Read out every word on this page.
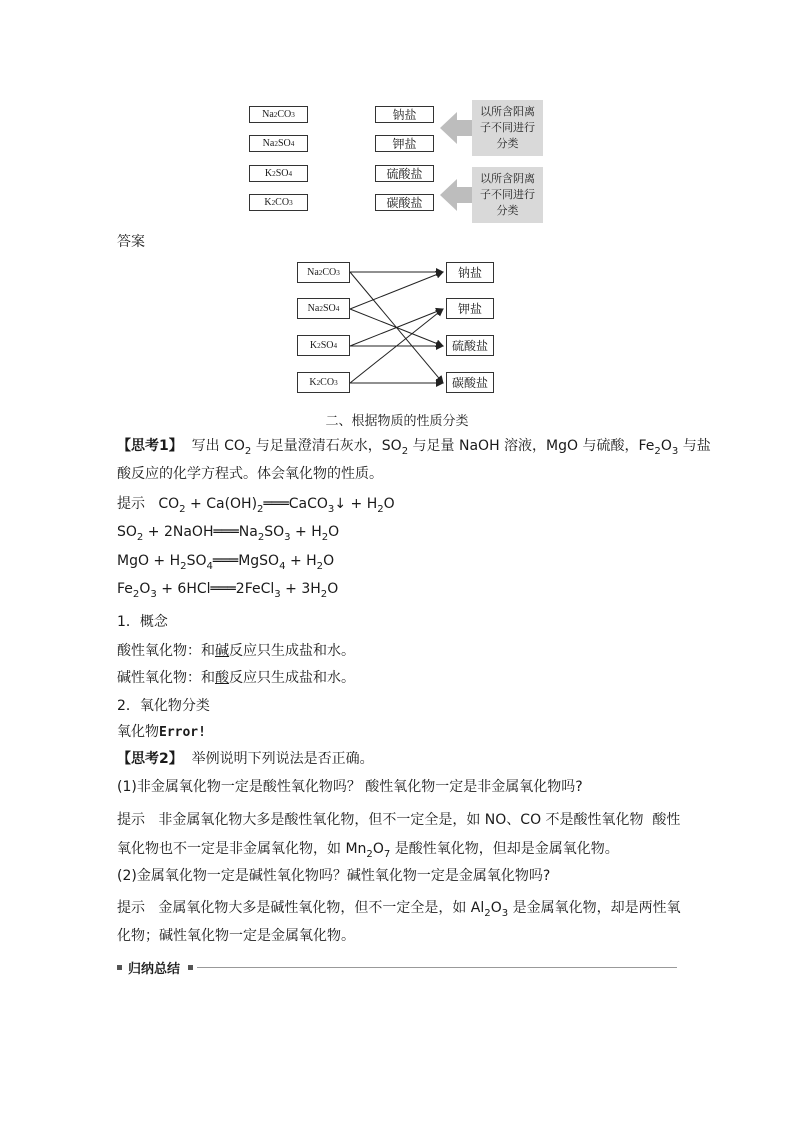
Na 2 CO 3
Na 2 SO 4
K 2 SO 4
K 2 CO 3
钠盐
钾盐
硫酸盐
碳酸盐
以所含阳离
子不同进行
分类
以所含阴离
子不同进行
分类
答案
Na 2 CO 3
Na 2 SO 4
K 2 SO 4
K 2 CO 3
钠盐
钾盐
硫酸盐
碳酸盐
二、根据物质的性质分类
【思考1】  写出 $CO_2$ 与足量澄清石灰水，$SO_2$ 与足量 NaOH 溶液，MgO 与硫酸，$Fe_2O_3$ 与盐
酸反应的化学方程式。体会氧化物的性质。
提示   $CO_2$ + $Ca(OH)_2═══CaCO_3↓ + H_2O$
$SO_2$ + $2NaOH═══Na_2SO_3 + H_2O$
MgO + $H_2SO_4═══MgSO_4 + H_2O$
$Fe_2O_3$ + 6HCl═══2FeCl$_3$ + $3H_2O$
1．概念
酸性氧化物：和碱反应只生成盐和水。
碱性氧化物：和酸反应只生成盐和水。
2．氧化物分类
氧化物Error!
【思考2】 举例说明下列说法是否正确。
(1)非金属氧化物一定是酸性氧化物吗？ 酸性氧化物一定是非金属氧化物吗?
提示   非金属氧化物大多是酸性氧化物，但不一定全是，如 NO、CO 不是酸性氧化物  酸性
氧化物也不一定是非金属氧化物，如 $Mn_2O_7$ 是酸性氧化物，但却是金属氧化物。
(2)金属氧化物一定是碱性氧化物吗？碱性氧化物一定是金属氧化物吗?
提示   金属氧化物大多是碱性氧化物，但不一定全是，如 $Al_2O_3$ 是金属氧化物，却是两性氧
化物；碱性氧化物一定是金属氧化物。
归纳总结
